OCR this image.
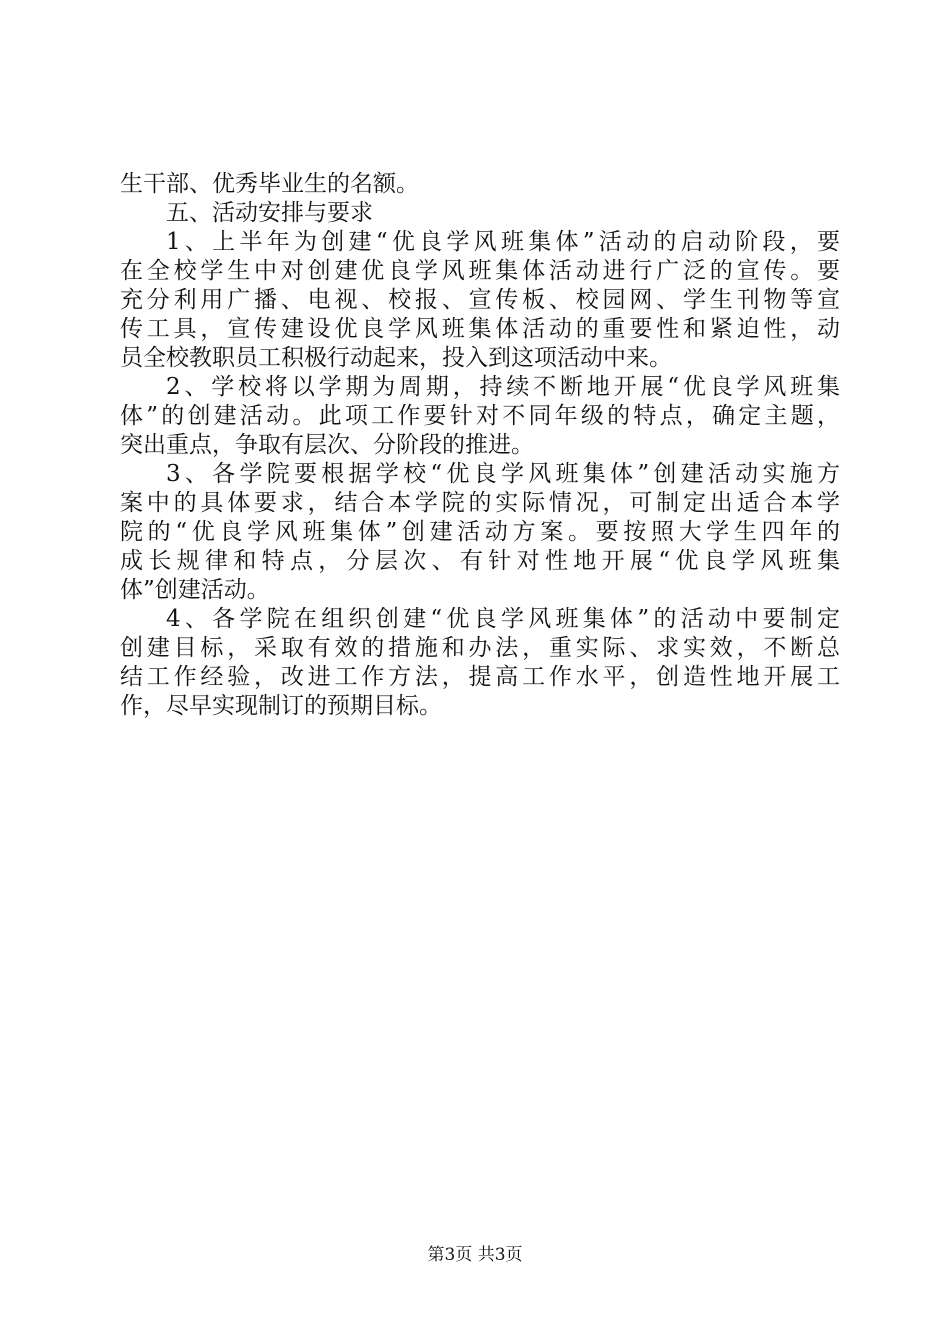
生干部、优秀毕业生的名额。
五、活动安排与要求
1、上半年为创建“优良学风班集体”活动的启动阶段，要
在全校学生中对创建优良学风班集体活动进行广泛的宣传。要
充分利用广播、电视、校报、宣传板、校园网、学生刊物等宣
传工具，宣传建设优良学风班集体活动的重要性和紧迫性，动
员全校教职员工积极行动起来，投入到这项活动中来。
2、学校将以学期为周期，持续不断地开展“优良学风班集
体”的创建活动。此项工作要针对不同年级的特点，确定主题，
突出重点，争取有层次、分阶段的推进。
3、各学院要根据学校“优良学风班集体”创建活动实施方
案中的具体要求，结合本学院的实际情况，可制定出适合本学
院的“优良学风班集体”创建活动方案。要按照大学生四年的
成长规律和特点，分层次、有针对性地开展“优良学风班集
体”创建活动。
4、各学院在组织创建“优良学风班集体”的活动中要制定
创建目标，采取有效的措施和办法，重实际、求实效，不断总
结工作经验，改进工作方法，提高工作水平，创造性地开展工
作，尽早实现制订的预期目标。
第3页 共3页
